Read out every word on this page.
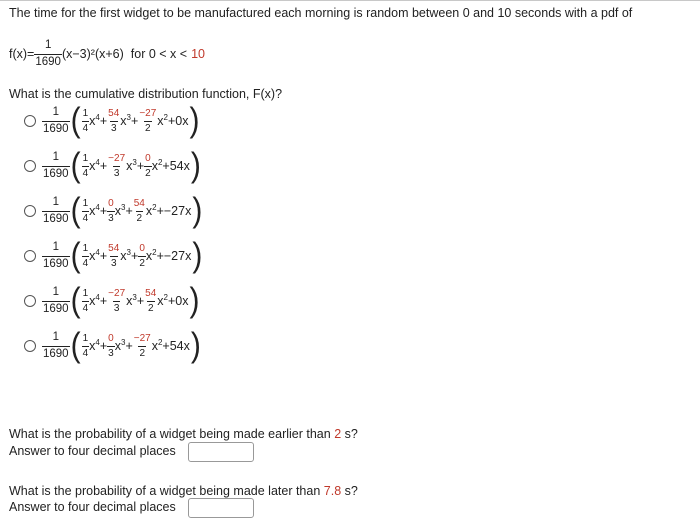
The time for the first widget to be manufactured each morning is random between 0 and 10 seconds with a pdf of
$f(x)= \frac{1}{1690} (x-3)^2(x+6)$ for 0 < x < 10
What is the cumulative distribution function, F(x)?
$\frac{1}{1690}$ ( $\frac{1}{4} x^4 + \frac{54}{3} x^3 + \frac{-27}{2} x^2 +0x$ )
$\frac{1}{1690}$ ( $\frac{1}{4} x^4 + \frac{-27}{3} x^3 + \frac{0}{2} x^2 +54x$ )
$\frac{1}{1690}$ ( $\frac{1}{4} x^4 + \frac{0}{3} x^3 + \frac{54}{2} x^2 +-27x$ )
$\frac{1}{1690}$ ( $\frac{1}{4} x^4 + \frac{54}{3} x^3 + \frac{0}{2} x^2 +-27x$ )
$\frac{1}{1690}$ ( $\frac{1}{4} x^4 + \frac{-27}{3} x^3 + \frac{54}{2} x^2 +0x$ )
$\frac{1}{1690}$ ( $\frac{1}{4} x^4 + \frac{0}{3} x^3 + \frac{-27}{2} x^2 +54x$ )
What is the probability of a widget being made earlier than 2 s?
Answer to four decimal places
What is the probability of a widget being made later than 7.8 s?
Answer to four decimal places
